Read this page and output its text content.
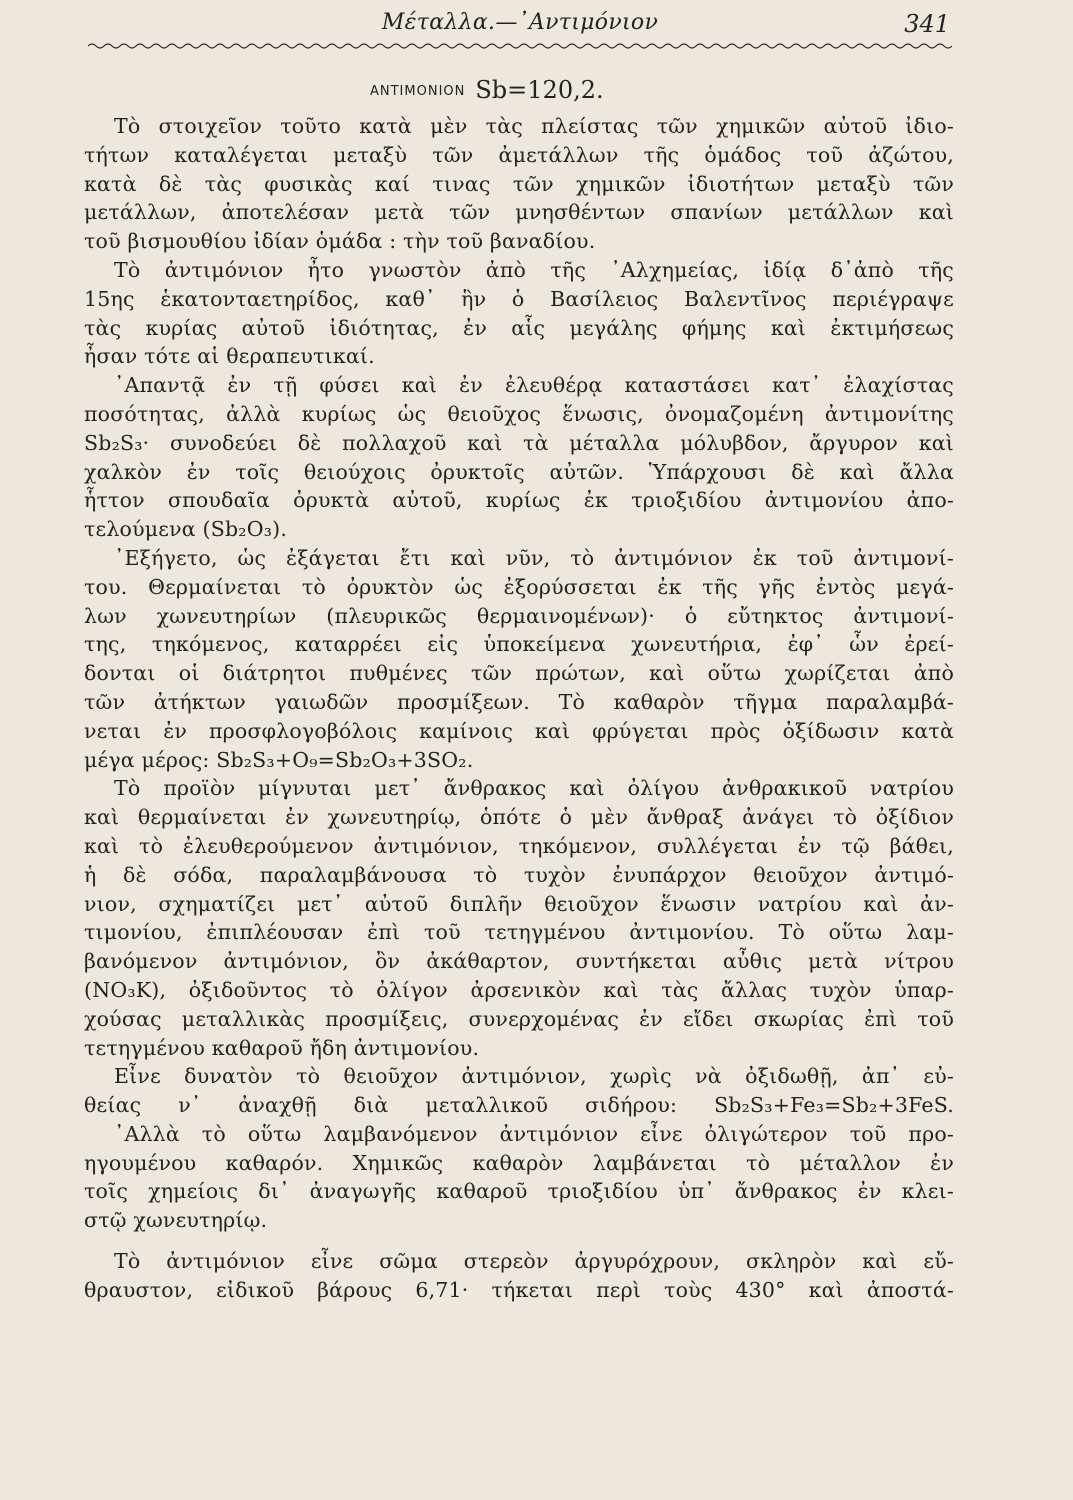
Μέταλλα.—᾿Αντιμόνιον	341
ANTIMONION Sb=120,2.
Τὸ στοιχεῖον τοῦτο κατὰ μὲν τὰς πλείστας τῶν χημικῶν αὐτοῦ ἰδιο-
τήτων καταλέγεται μεταξὺ τῶν ἀμετάλλων τῆς ὁμάδος τοῦ ἀζώτου,
κατὰ δὲ τὰς φυσικὰς καί τινας τῶν χημικῶν ἰδιοτήτων μεταξὺ τῶν
μετάλλων, ἀποτελέσαν μετὰ τῶν μνησθέντων σπανίων μετάλλων καὶ
τοῦ βισμουθίου ἰδίαν ὁμάδα : τὴν τοῦ βαναδίου.
Τὸ ἀντιμόνιον ἦτο γνωστὸν ἀπὸ τῆς ᾿Αλχημείας, ἰδίᾳ δ᾿ἀπὸ τῆς
15ης ἑκατονταετηρίδος, καθ᾿ ἣν ὁ Βασίλειος Βαλεντῖνος περιέγραψε
τὰς κυρίας αὐτοῦ ἰδιότητας, ἐν αἷς μεγάλης φήμης καὶ ἐκτιμήσεως
ἦσαν τότε αἱ θεραπευτικαί.
᾿Απαντᾷ ἐν τῇ φύσει καὶ ἐν ἐλευθέρᾳ καταστάσει κατ᾿ ἐλαχίστας
ποσότητας, ἀλλὰ κυρίως ὡς θειοῦχος ἕνωσις, ὀνομαζομένη ἀντιμονίτης
Sb₂S₃· συνοδεύει δὲ πολλαχοῦ καὶ τὰ μέταλλα μόλυβδον, ἄργυρον καὶ
χαλκὸν ἐν τοῖς θειούχοις ὀρυκτοῖς αὐτῶν. Ὑπάρχουσι δὲ καὶ ἄλλα
ἧττον σπουδαῖα ὀρυκτὰ αὐτοῦ, κυρίως ἐκ τριοξιδίου ἀντιμονίου ἀπο-
τελούμενα (Sb₂O₃).
᾿Εξήγετο, ὡς ἐξάγεται ἔτι καὶ νῦν, τὸ ἀντιμόνιον ἐκ τοῦ ἀντιμονί-
του. Θερμαίνεται τὸ ὀρυκτὸν ὡς ἐξορύσσεται ἐκ τῆς γῆς ἐντὸς μεγά-
λων χωνευτηρίων (πλευρικῶς θερμαινομένων)· ὁ εὔτηκτος ἀντιμονί-
της, τηκόμενος, καταρρέει εἰς ὑποκείμενα χωνευτήρια, ἐφ᾿ ὧν ἐρεί-
δονται οἱ διάτρητοι πυθμένες τῶν πρώτων, καὶ οὕτω χωρίζεται ἀπὸ
τῶν ἀτήκτων γαιωδῶν προσμίξεων. Τὸ καθαρὸν τῆγμα παραλαμβά-
νεται ἐν προσφλογοβόλοις καμίνοις καὶ φρύγεται πρὸς ὀξίδωσιν κατὰ
μέγα μέρος: Sb₂S₃+O₉=Sb₂O₃+3SO₂.
Τὸ προϊὸν μίγνυται μετ᾿ ἄνθρακος καὶ ὀλίγου ἀνθρακικοῦ νατρίου
καὶ θερμαίνεται ἐν χωνευτηρίῳ, ὁπότε ὁ μὲν ἄνθραξ ἀνάγει τὸ ὀξίδιον
καὶ τὸ ἐλευθερούμενον ἀντιμόνιον, τηκόμενον, συλλέγεται ἐν τῷ βάθει,
ἡ δὲ σόδα, παραλαμβάνουσα τὸ τυχὸν ἐνυπάρχον θειοῦχον ἀντιμό-
νιον, σχηματίζει μετ᾿ αὐτοῦ διπλῆν θειοῦχον ἕνωσιν νατρίου καὶ ἀν-
τιμονίου, ἐπιπλέουσαν ἐπὶ τοῦ τετηγμένου ἀντιμονίου. Τὸ οὕτω λαμ-
βανόμενον ἀντιμόνιον, ὂν ἀκάθαρτον, συντήκεται αὖθις μετὰ νίτρου
(NO₃K), ὀξιδοῦντος τὸ ὀλίγον ἀρσενικὸν καὶ τὰς ἄλλας τυχὸν ὑπαρ-
χούσας μεταλλικὰς προσμίξεις, συνερχομένας ἐν εἴδει σκωρίας ἐπὶ τοῦ
τετηγμένου καθαροῦ ἤδη ἀντιμονίου.
Εἶνε δυνατὸν τὸ θειοῦχον ἀντιμόνιον, χωρὶς νὰ ὀξιδωθῇ, ἀπ᾿ εὐ-
θείας ν᾿ ἀναχθῇ διὰ μεταλλικοῦ σιδήρου: Sb₂S₃+Fe₃=Sb₂+3FeS.
᾿Αλλὰ τὸ οὕτω λαμβανόμενον ἀντιμόνιον εἶνε ὀλιγώτερον τοῦ προ-
ηγουμένου καθαρόν. Χημικῶς καθαρὸν λαμβάνεται τὸ μέταλλον ἐν
τοῖς χημείοις δι᾿ ἀναγωγῆς καθαροῦ τριοξιδίου ὑπ᾿ ἄνθρακος ἐν κλει-
στῷ χωνευτηρίῳ.
Τὸ ἀντιμόνιον εἶνε σῶμα στερεὸν ἀργυρόχρουν, σκληρὸν καὶ εὔ-
θραυστον, εἰδικοῦ βάρους 6,71· τήκεται περὶ τοὺς 430° καὶ ἀποστά-
